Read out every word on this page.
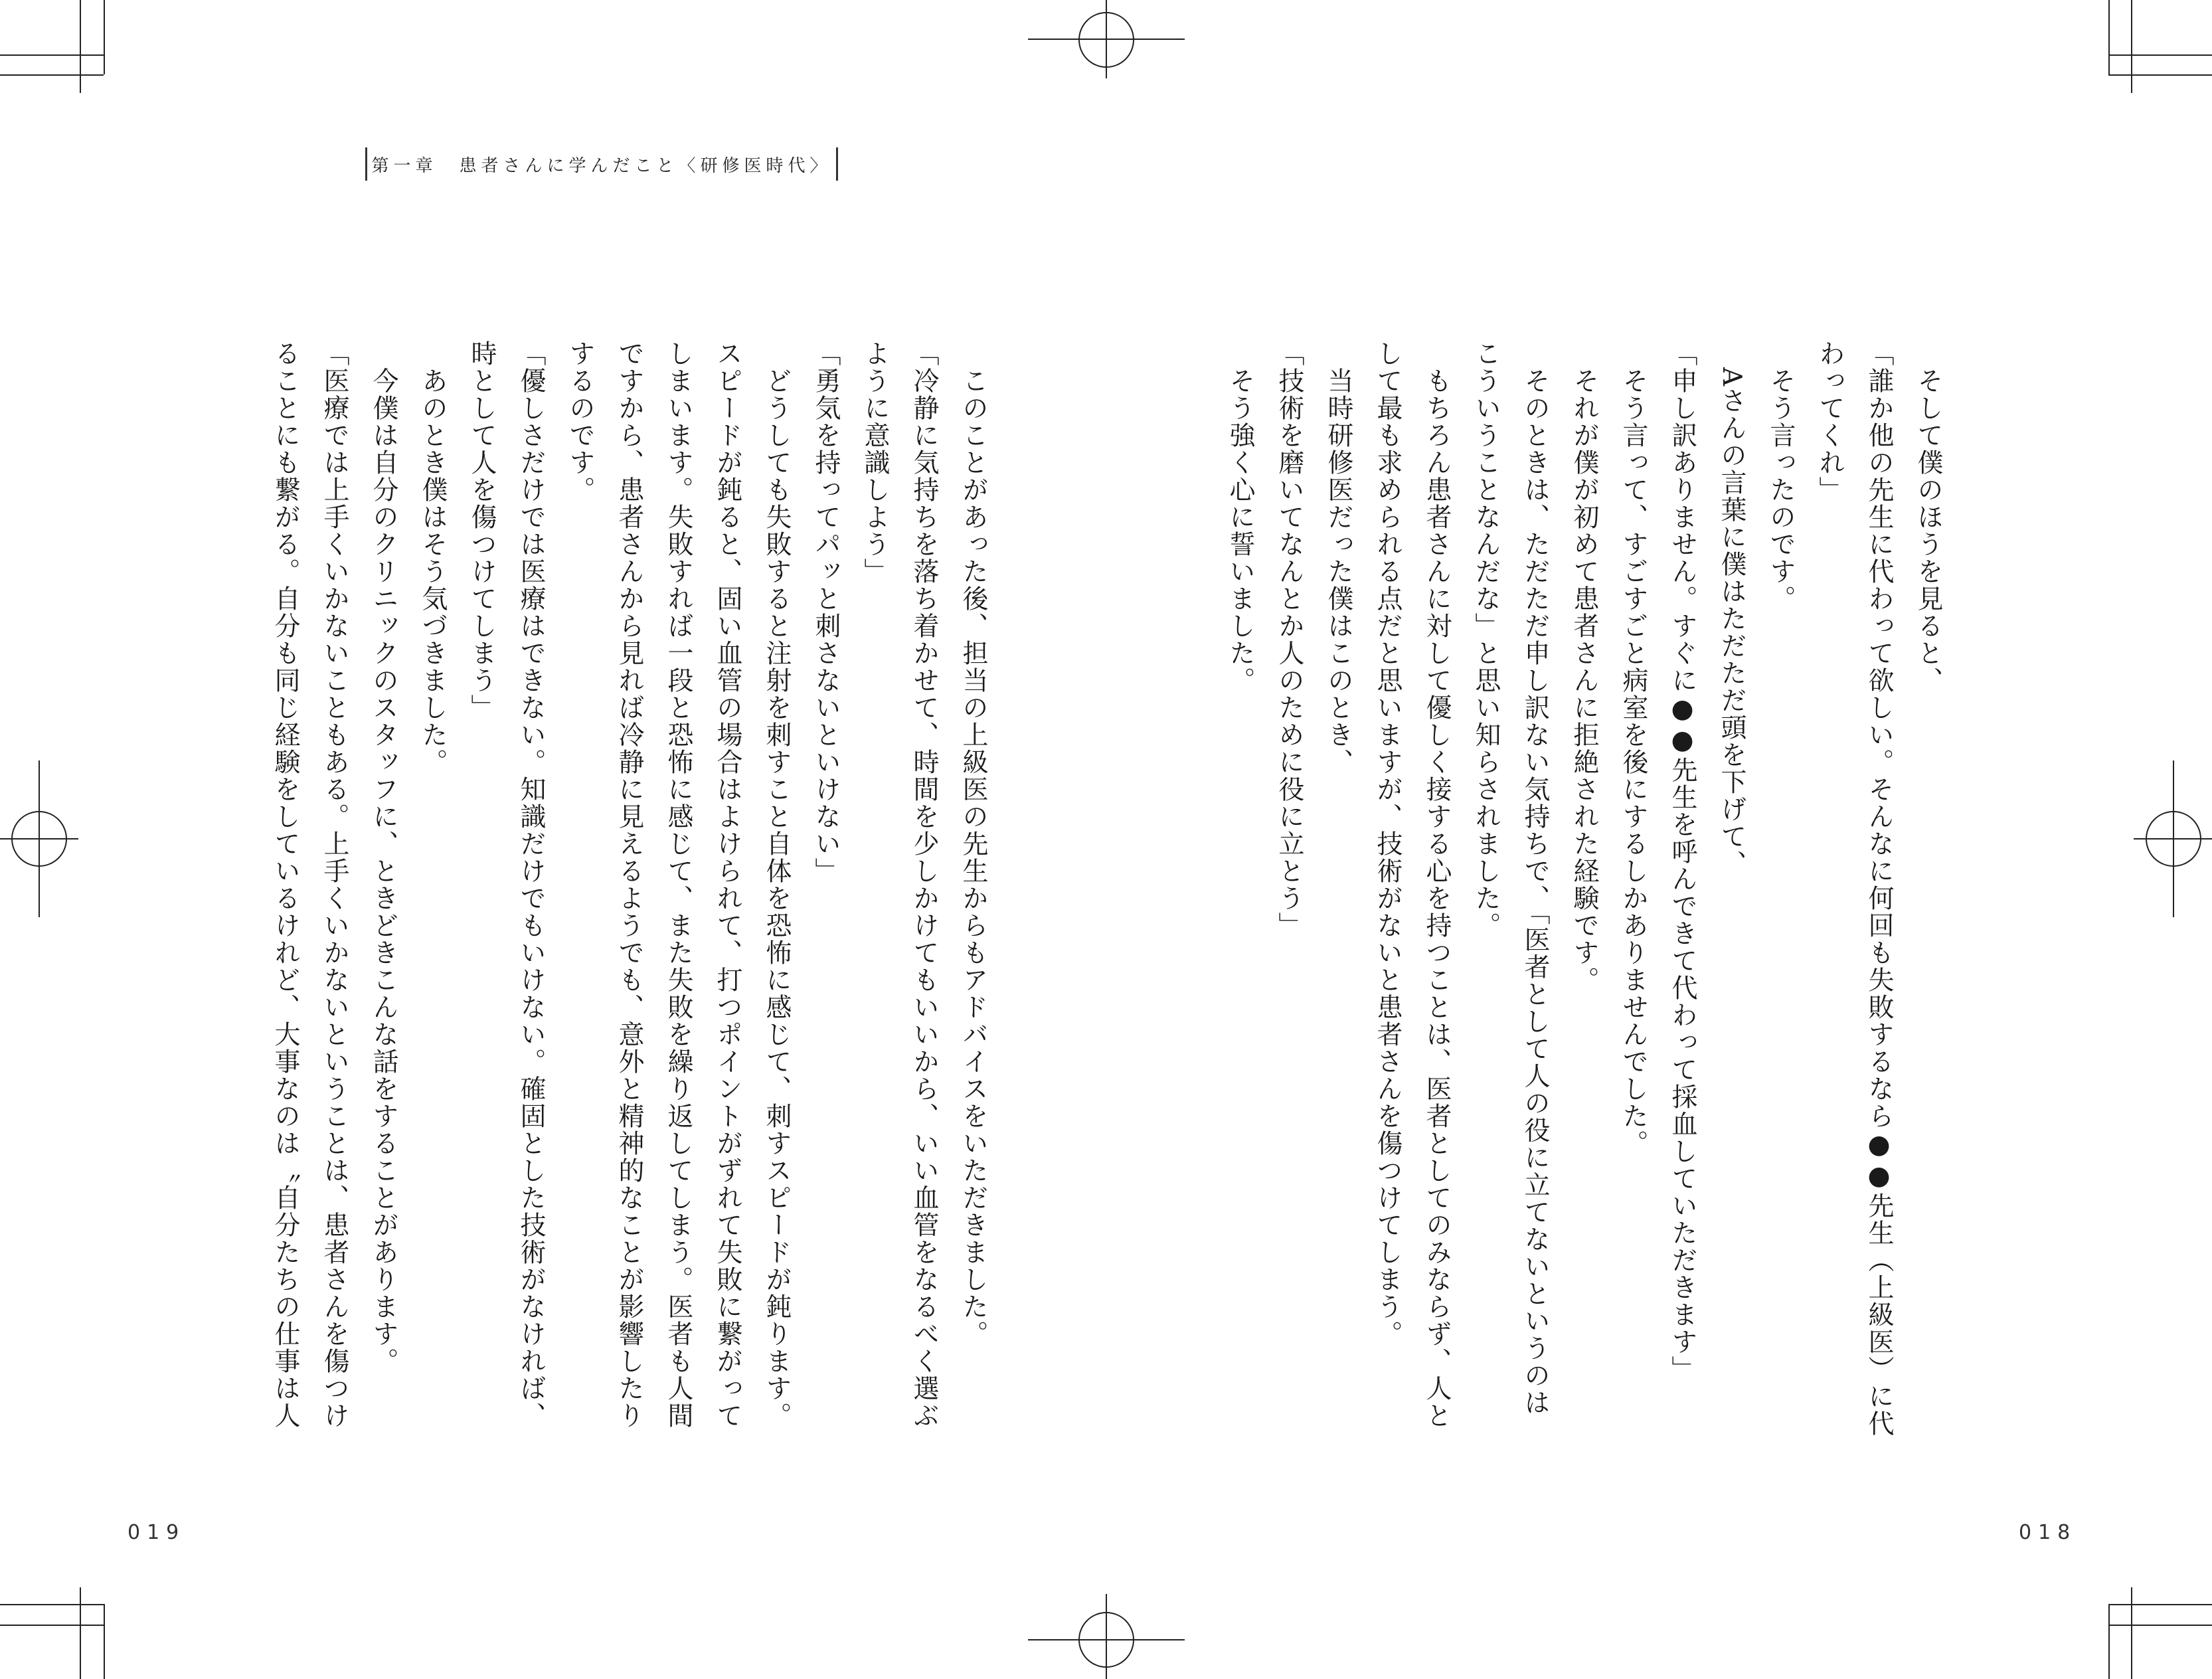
第一章　患者さんに学んだこと〈研修医時代〉

　そして僕のほうを見ると、

「誰か他の先生に代わって欲しい。そんなに何回も失敗するなら●●先生（上級医）に代

わってくれ」

　そう言ったのです。

　Aさんの言葉に僕はただただ頭を下げて、

「申し訳ありません。すぐに●●先生を呼んできて代わって採血していただきます」

　そう言って、すごすごと病室を後にするしかありませんでした。

　それが僕が初めて患者さんに拒絶された経験です。

　そのときは、ただただ申し訳ない気持ちで、「医者として人の役に立てないというのは

こういうことなんだな」と思い知らされました。

　もちろん患者さんに対して優しく接する心を持つことは、医者としてのみならず、人と

して最も求められる点だと思いますが、技術がないと患者さんを傷つけてしまう。

　当時研修医だった僕はこのとき、

「技術を磨いてなんとか人のために役に立とう」

　そう強く心に誓いました。

　このことがあった後、担当の上級医の先生からもアドバイスをいただきました。

「冷静に気持ちを落ち着かせて、時間を少しかけてもいいから、いい血管をなるべく選ぶ

ように意識しよう」

「勇気を持ってパッと刺さないといけない」

　どうしても失敗すると注射を刺すこと自体を恐怖に感じて、刺すスピードが鈍ります。

スピードが鈍ると、固い血管の場合はよけられて、打つポイントがずれて失敗に繋がって

しまいます。失敗すれば一段と恐怖に感じて、また失敗を繰り返してしまう。医者も人間

ですから、患者さんから見れば冷静に見えるようでも、意外と精神的なことが影響したり

するのです。

「優しさだけでは医療はできない。知識だけでもいけない。確固とした技術がなければ、

時として人を傷つけてしまう」

　あのとき僕はそう気づきました。

　今僕は自分のクリニックのスタッフに、ときどきこんな話をすることがあります。

「医療では上手くいかないこともある。上手くいかないということは、患者さんを傷つけ

ることにも繋がる。自分も同じ経験をしているけれど、大事なのは〝自分たちの仕事は人

019	018
